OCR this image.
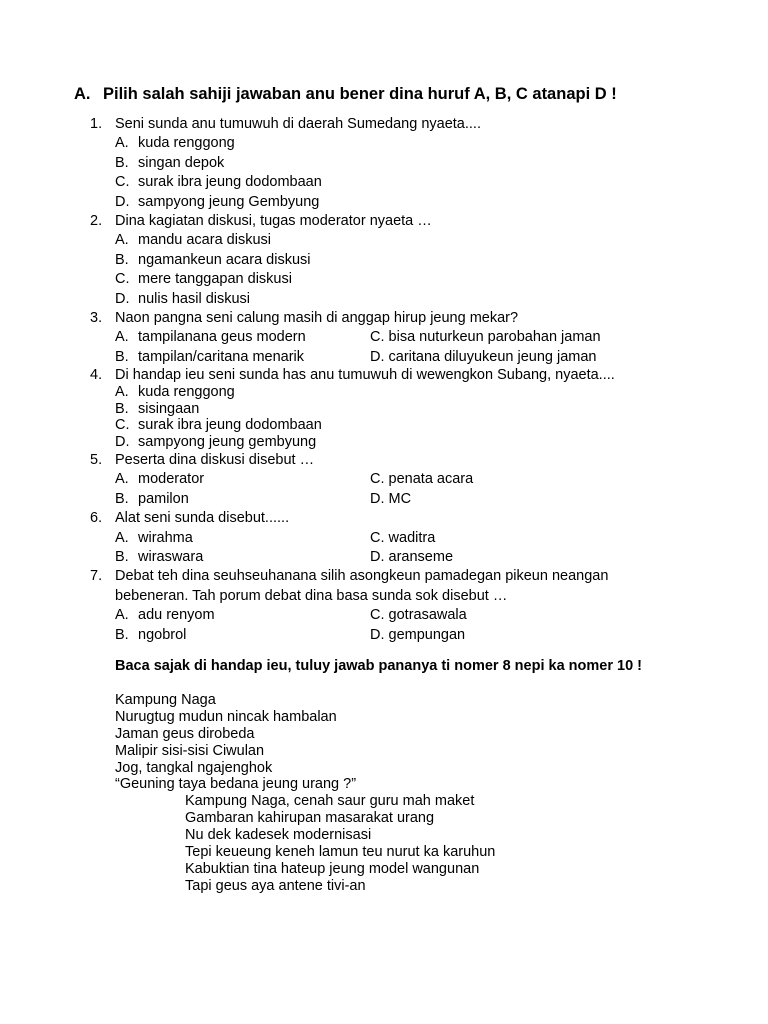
A. Pilih salah sahiji jawaban anu bener dina huruf A, B, C atanapi D !
1. Seni sunda anu tumuwuh di daerah Sumedang nyaeta....
A. kuda renggong
B. singan depok
C. surak ibra jeung dodombaan
D. sampyong jeung Gembyung
2. Dina kagiatan diskusi, tugas moderator nyaeta …
A. mandu acara diskusi
B. ngamankeun acara diskusi
C. mere tanggapan diskusi
D. nulis hasil diskusi
3. Naon pangna seni calung masih di anggap hirup jeung mekar?
A. tampilanana geus modern	C. bisa nuturkeun parobahan jaman
B. tampilan/caritana menarik	D. caritana diluyukeun jeung jaman
4. Di handap ieu seni sunda has anu tumuwuh di wewengkon Subang, nyaeta....
A. kuda renggong
B. sisingaan
C. surak ibra jeung dodombaan
D. sampyong jeung gembyung
5. Peserta dina diskusi disebut …
A. moderator	C. penata acara
B. pamilon	D. MC
6. Alat seni sunda disebut......
A. wirahma	C. waditra
B. wiraswara	D. aranseme
7. Debat teh dina seuhseuhanana silih asongkeun pamadegan pikeun neangan
bebeneran. Tah porum debat dina basa sunda sok disebut …
A. adu renyom	C. gotrasawala
B. ngobrol	D. gempungan
Baca sajak di handap ieu, tuluy jawab pananya ti nomer 8 nepi ka nomer 10 !
Kampung Naga
Nurugtug mudun nincak hambalan
Jaman geus dirobeda
Malipir sisi-sisi Ciwulan
Jog, tangkal ngajenghok
“Geuning taya bedana jeung urang ?”
Kampung Naga, cenah saur guru mah maket
Gambaran kahirupan masarakat urang
Nu dek kadesek modernisasi
Tepi keueung keneh lamun teu nurut ka karuhun
Kabuktian tina hateup jeung model wangunan
Tapi geus aya antene tivi-an
